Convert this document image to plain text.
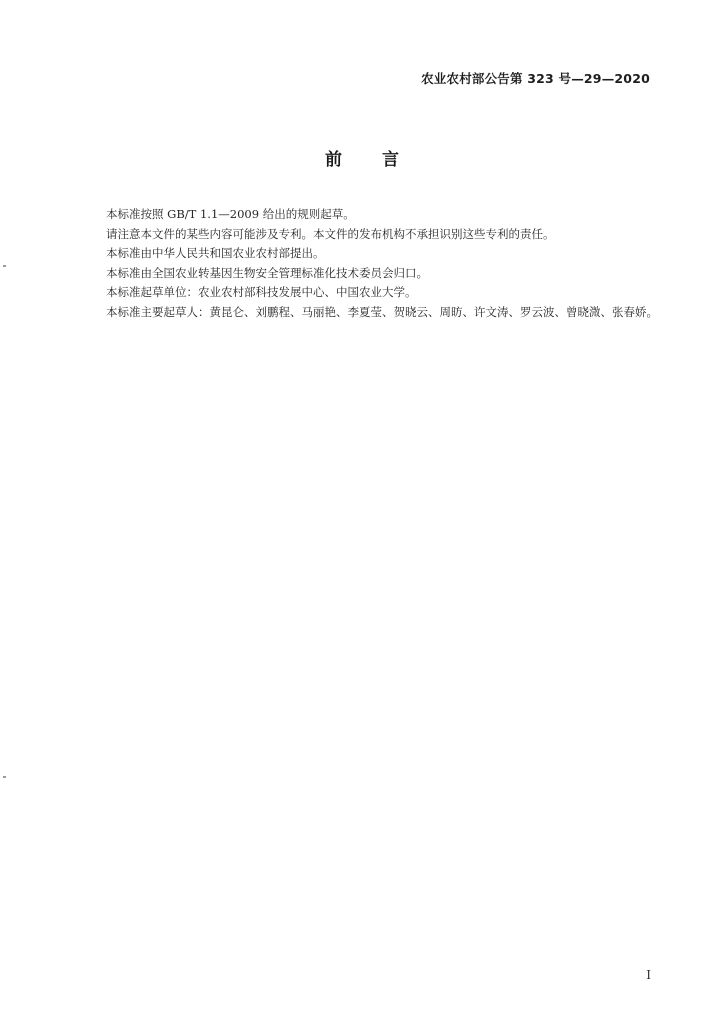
农业农村部公告第 323 号—29—2020
前 言

本标准按照 GB/T 1.1—2009 给出的规则起草。

请注意本文件的某些内容可能涉及专利。本文件的发布机构不承担识别这些专利的责任。

本标准由中华人民共和国农业农村部提出。

本标准由全国农业转基因生物安全管理标准化技术委员会归口。

本标准起草单位：农业农村部科技发展中心、中国农业大学。

本标准主要起草人：黄昆仑、刘鹏程、马丽艳、李夏莹、贺晓云、周昉、许文涛、罗云波、曾晓溦、张春娇。

I
